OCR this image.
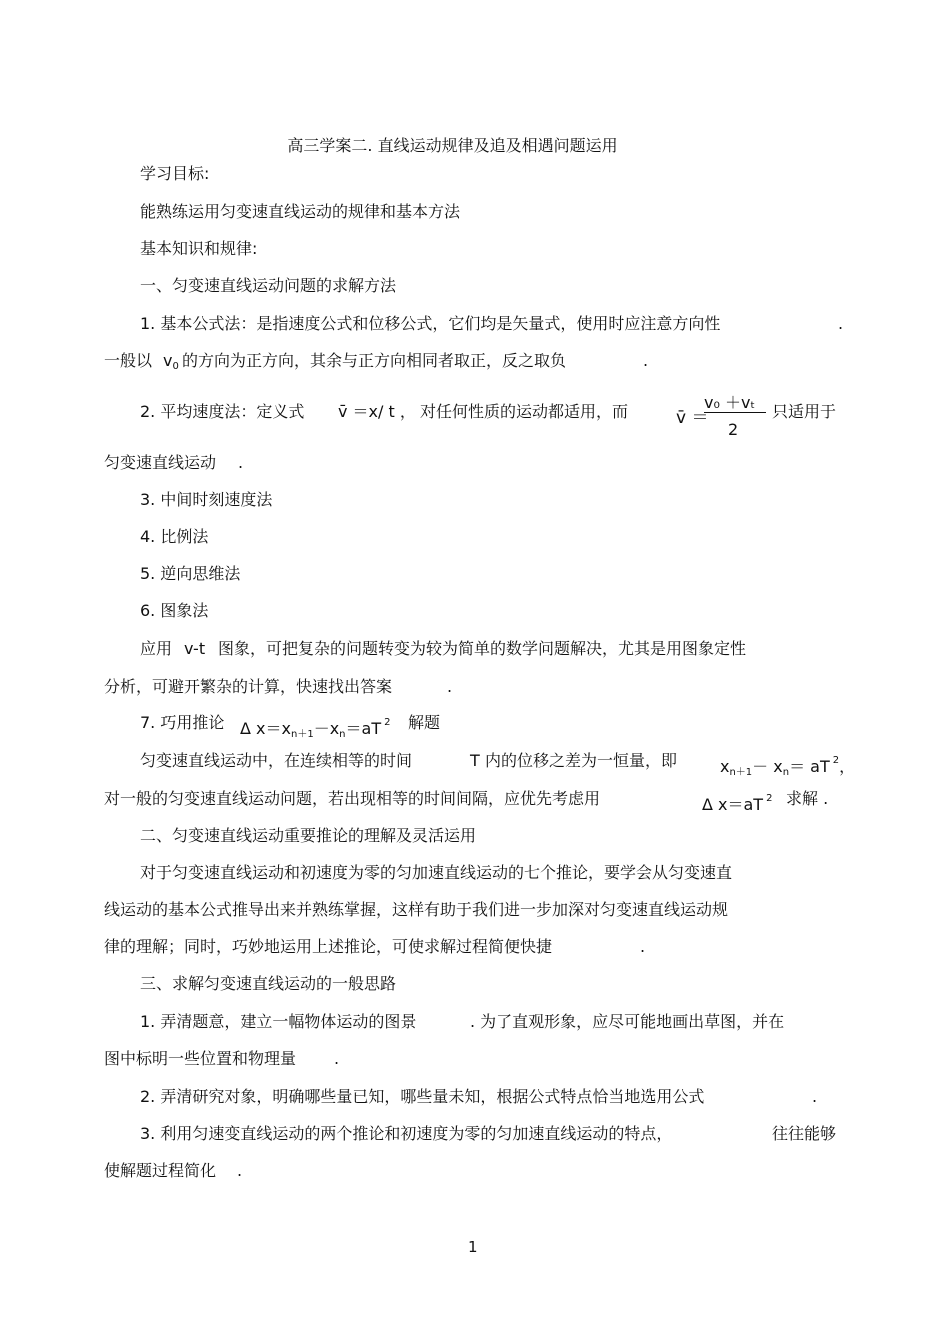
高三学案二. 直线运动规律及追及相遇问题运用
学习目标:
能熟练运用匀变速直线运动的规律和基本方法
基本知识和规律:
一、匀变速直线运动问题的求解方法
1. 基本公式法：是指速度公式和位移公式，它们均是矢量式，使用时应注意方向性	.
一般以 $v_0$ 的方向为正方向，其余与正方向相同者取正，反之取负	.
2. 平均速度法：定义式 v̄ ＝x/ t ， 对任何性质的运动都适用，而	v̄ ＝
v₀ ＋vₜ
2
只适用于
匀变速直线运动 .
3. 中间时刻速度法
4. 比例法
5. 逆向思维法
6. 图象法
应用 v-t 图象，可把复杂的问题转变为较为简单的数学问题解决，尤其是用图象定性
分析，可避开繁杂的计算，快速找出答案	.
7. 巧用推论 Δ $x=x_{n+1}-x_n=aT$ $^2$ 解题
匀变速直线运动中，在连续相等的时间	T 内的位移之差为一恒量，即	$x_{n+1}- x_n=$ aT $^2$，
对一般的匀变速直线运动问题，若出现相等的时间间隔，应优先考虑用	Δ x＝aT $^2$ 求解 .
二、匀变速直线运动重要推论的理解及灵活运用
对于匀变速直线运动和初速度为零的匀加速直线运动的七个推论，要学会从匀变速直
线运动的基本公式推导出来并熟练掌握，这样有助于我们进一步加深对匀变速直线运动规
律的理解；同时，巧妙地运用上述推论，可使求解过程简便快捷	.
三、求解匀变速直线运动的一般思路
1. 弄清题意，建立一幅物体运动的图景	. 为了直观形象，应尽可能地画出草图，并在
图中标明一些位置和物理量 .
2. 弄清研究对象，明确哪些量已知，哪些量未知，根据公式特点恰当地选用公式	.
3. 利用匀速变直线运动的两个推论和初速度为零的匀加速直线运动的特点，	往往能够
使解题过程简化 .
1
